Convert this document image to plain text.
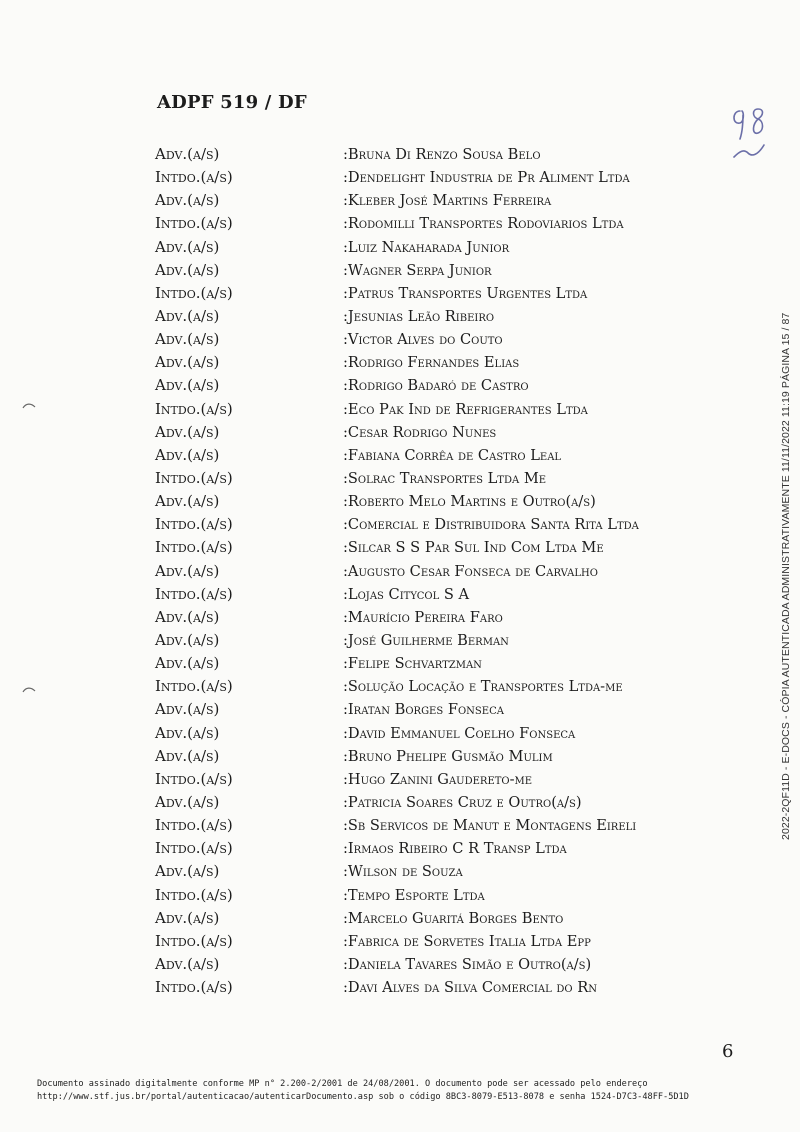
ADPF 519 / DF
Adv.(a/s)	:Bruna Di Renzo Sousa Belo
Intdo.(a/s)	:Dendelight Industria de Pr Aliment Ltda
Adv.(a/s)	:Kleber José Martins Ferreira
Intdo.(a/s)	:Rodomilli Transportes Rodoviarios Ltda
Adv.(a/s)	:Luiz Nakaharada Junior
Adv.(a/s)	:Wagner Serpa Junior
Intdo.(a/s)	:Patrus Transportes Urgentes Ltda
Adv.(a/s)	:Jesunias Leão Ribeiro
Adv.(a/s)	:Victor Alves do Couto
Adv.(a/s)	:Rodrigo Fernandes Elias
Adv.(a/s)	:Rodrigo Badaró de Castro
Intdo.(a/s)	:Eco Pak Ind de Refrigerantes Ltda
Adv.(a/s)	:Cesar Rodrigo Nunes
Adv.(a/s)	:Fabiana Corrêa de Castro Leal
Intdo.(a/s)	:Solrac Transportes Ltda Me
Adv.(a/s)	:Roberto Melo Martins e Outro(a/s)
Intdo.(a/s)	:Comercial e Distribuidora Santa Rita Ltda
Intdo.(a/s)	:Silcar S S Par Sul Ind Com Ltda Me
Adv.(a/s)	:Augusto Cesar Fonseca de Carvalho
Intdo.(a/s)	:Lojas Citycol S A
Adv.(a/s)	:Maurício Pereira Faro
Adv.(a/s)	:José Guilherme Berman
Adv.(a/s)	:Felipe Schvartzman
Intdo.(a/s)	:Solução Locação e Transportes Ltda-me
Adv.(a/s)	:Iratan Borges Fonseca
Adv.(a/s)	:David Emmanuel Coelho Fonseca
Adv.(a/s)	:Bruno Phelipe Gusmão Mulim
Intdo.(a/s)	:Hugo Zanini Gaudereto-me
Adv.(a/s)	:Patricia Soares Cruz e Outro(a/s)
Intdo.(a/s)	:Sb Servicos de Manut e Montagens Eireli
Intdo.(a/s)	:Irmaos Ribeiro C R Transp Ltda
Adv.(a/s)	:Wilson de Souza
Intdo.(a/s)	:Tempo Esporte Ltda
Adv.(a/s)	:Marcelo Guaritá Borges Bento
Intdo.(a/s)	:Fabrica de Sorvetes Italia Ltda Epp
Adv.(a/s)	:Daniela Tavares Simão e Outro(a/s)
Intdo.(a/s)	:Davi Alves da Silva Comercial do Rn
2022-2QF11D - E-DOCS - CÓPIA AUTENTICADA ADMINISTRATIVAMENTE 11/11/2022 11:19 PÁGINA 15 / 87
6
Documento assinado digitalmente conforme MP n° 2.200-2/2001 de 24/08/2001. O documento pode ser acessado pelo endereço
http://www.stf.jus.br/portal/autenticacao/autenticarDocumento.asp sob o código 8BC3-8079-E513-8078 e senha 1524-D7C3-48FF-5D1D
